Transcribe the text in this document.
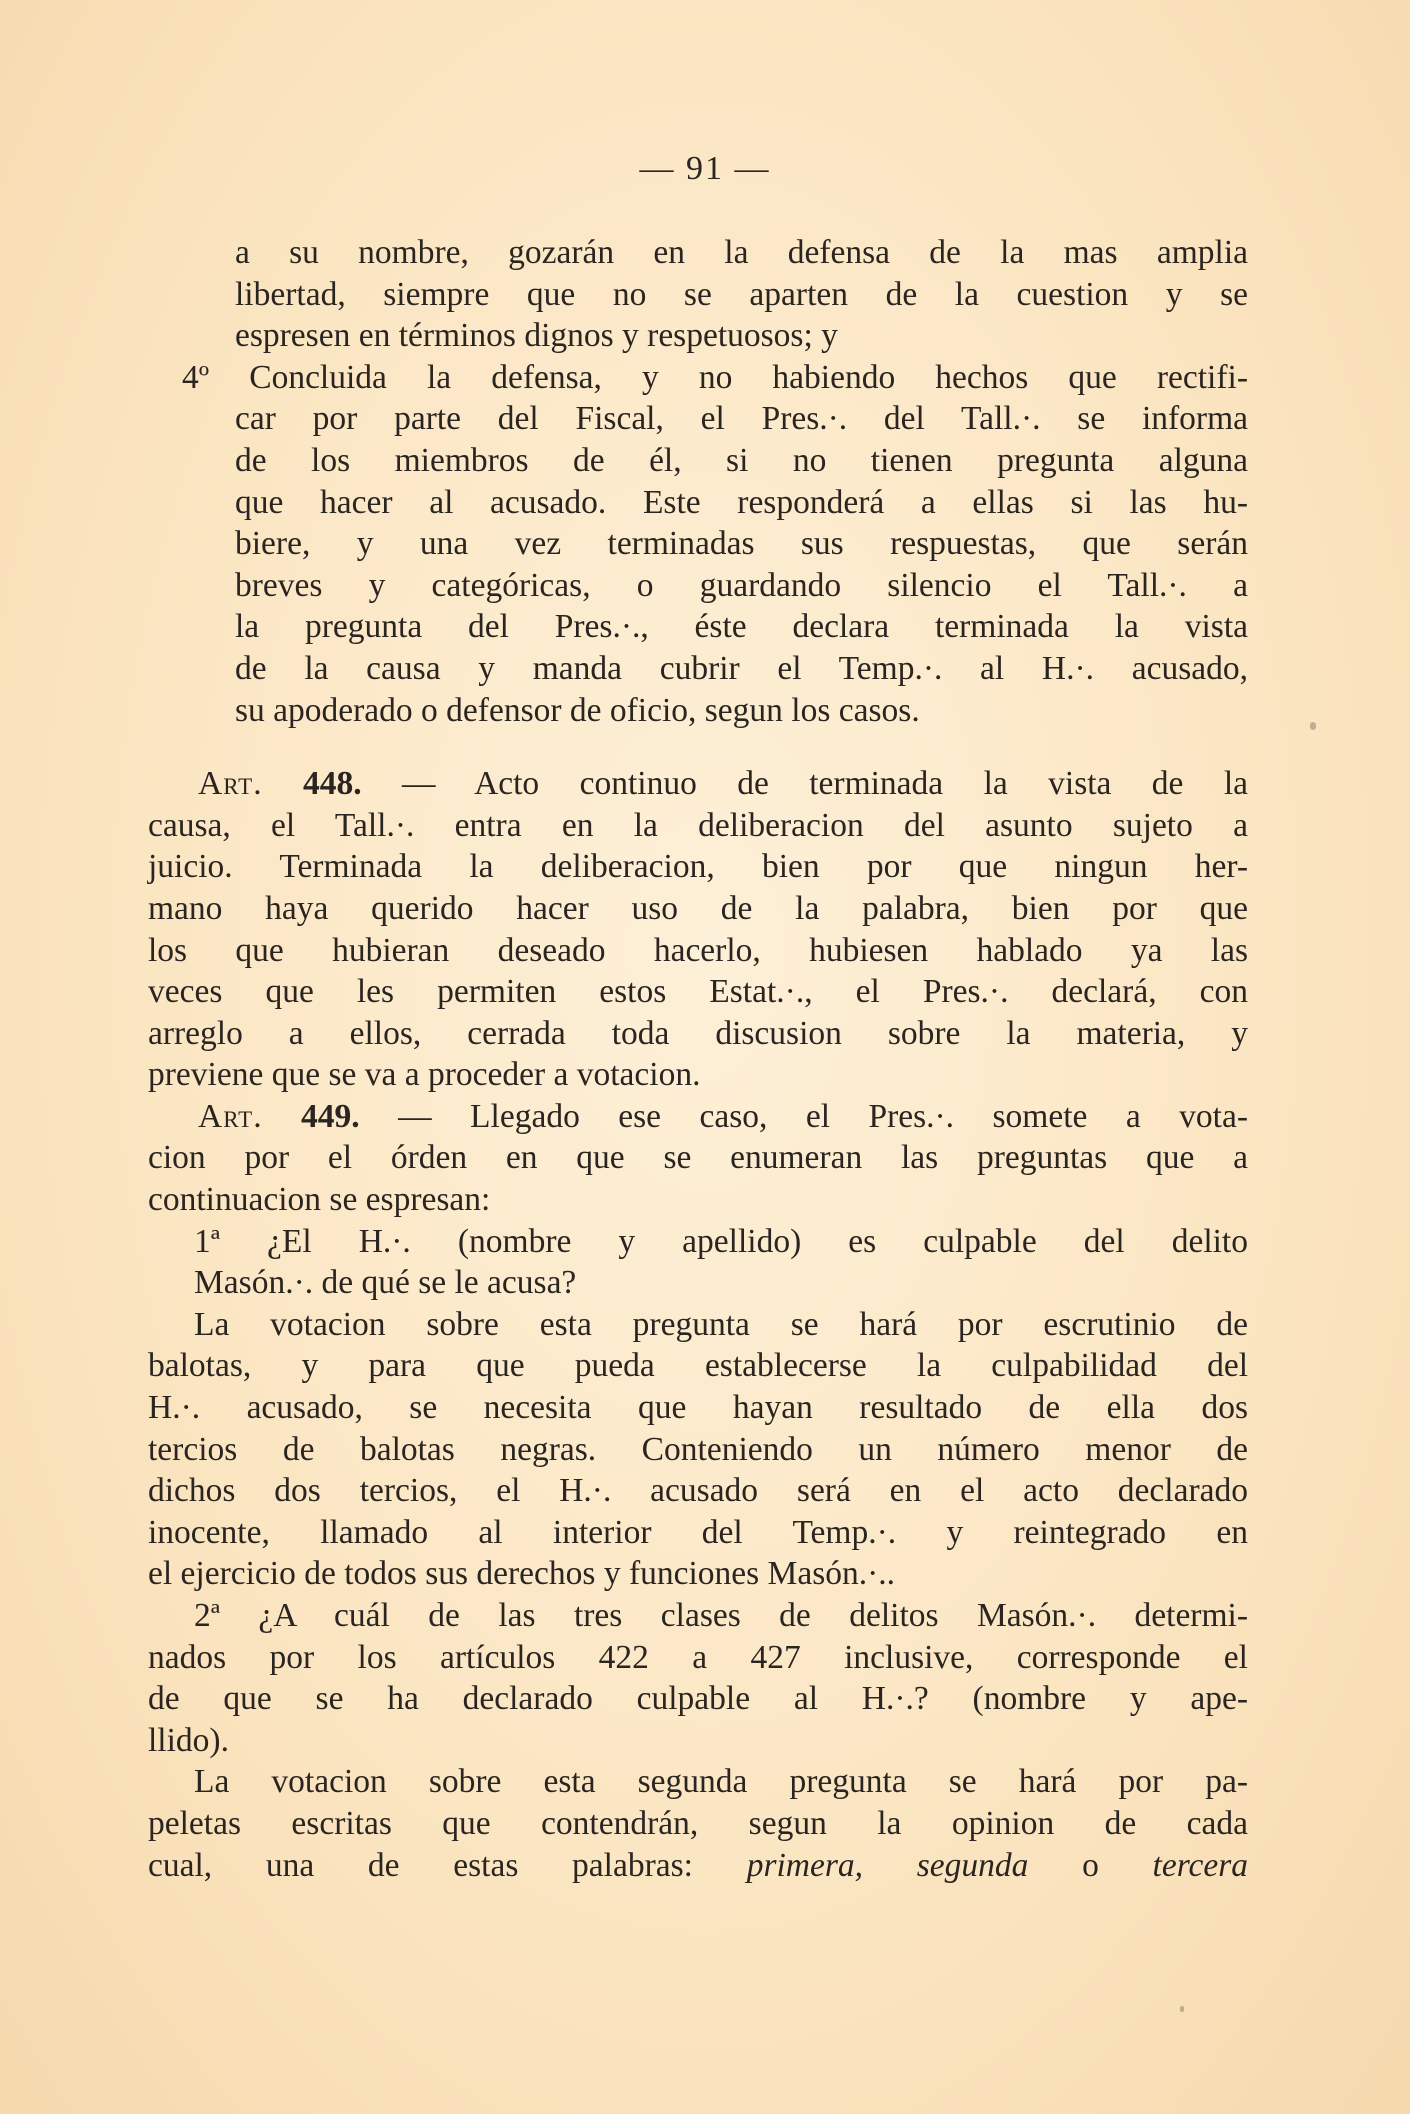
— 91 —
a su nombre, gozarán en la defensa de la mas amplia
libertad, siempre que no se aparten de la cuestion y se
espresen en términos dignos y respetuosos; y
4º Concluida la defensa, y no habiendo hechos que rectifi-
car por parte del Fiscal, el Pres.·. del Tall.·. se informa
de los miembros de él, si no tienen pregunta alguna
que hacer al acusado. Este responderá a ellas si las hu-
biere, y una vez terminadas sus respuestas, que serán
breves y categóricas, o guardando silencio el Tall.·. a
la pregunta del Pres.·., éste declara terminada la vista
de la causa y manda cubrir el Temp.·. al H.·. acusado,
su apoderado o defensor de oficio, segun los casos.
Art. 448. — Acto continuo de terminada la vista de la
causa, el Tall.·. entra en la deliberacion del asunto sujeto a
juicio. Terminada la deliberacion, bien por que ningun her-
mano haya querido hacer uso de la palabra, bien por que
los que hubieran deseado hacerlo, hubiesen hablado ya las
veces que les permiten estos Estat.·., el Pres.·. declará, con
arreglo a ellos, cerrada toda discusion sobre la materia, y
previene que se va a proceder a votacion.
Art. 449. — Llegado ese caso, el Pres.·. somete a vota-
cion por el órden en que se enumeran las preguntas que a
continuacion se espresan:
1ª ¿El H.·. (nombre y apellido) es culpable del delito
Masón.·. de qué se le acusa?
La votacion sobre esta pregunta se hará por escrutinio de
balotas, y para que pueda establecerse la culpabilidad del
H.·. acusado, se necesita que hayan resultado de ella dos
tercios de balotas negras. Conteniendo un número menor de
dichos dos tercios, el H.·. acusado será en el acto declarado
inocente, llamado al interior del Temp.·. y reintegrado en
el ejercicio de todos sus derechos y funciones Masón.·..
2ª ¿A cuál de las tres clases de delitos Masón.·. determi-
nados por los artículos 422 a 427 inclusive, corresponde el
de que se ha declarado culpable al H.·.? (nombre y ape-
llido).
La votacion sobre esta segunda pregunta se hará por pa-
peletas escritas que contendrán, segun la opinion de cada
cual, una de estas palabras: primera, segunda o tercera
